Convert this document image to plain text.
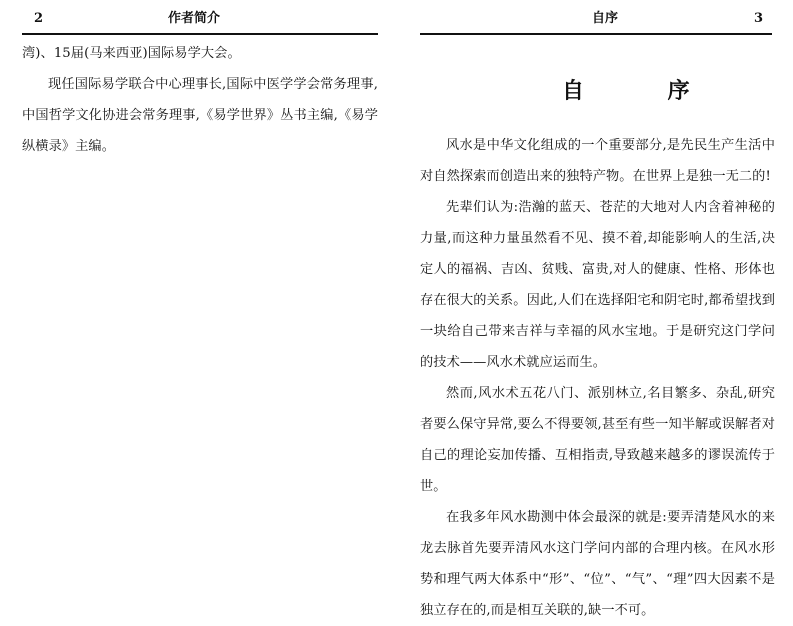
2	作者简介

湾)、15届(马来西亚)国际易学大会。

现任国际易学联合中心理事长,国际中医学学会常务理事,中国哲学文化协进会常务理事,《易学世界》丛书主编,《易学纵横录》主编。

自序	3
自 序

风水是中华文化组成的一个重要部分,是先民生产生活中对自然探索而创造出来的独特产物。在世界上是独一无二的!

先辈们认为:浩瀚的蓝天、苍茫的大地对人内含着神秘的力量,而这种力量虽然看不见、摸不着,却能影响人的生活,决定人的福祸、吉凶、贫贱、富贵,对人的健康、性格、形体也存在很大的关系。因此,人们在选择阳宅和阴宅时,都希望找到一块给自己带来吉祥与幸福的风水宝地。于是研究这门学问的技术——风水术就应运而生。

然而,风水术五花八门、派别林立,名目繁多、杂乱,研究者要么保守异常,要么不得要领,甚至有些一知半解或误解者对自己的理论妄加传播、互相指责,导致越来越多的谬误流传于世。

在我多年风水勘测中体会最深的就是:要弄清楚风水的来龙去脉首先要弄清风水这门学问内部的合理内核。在风水形势和理气两大体系中“形”、“位”、“气”、“理”四大因素不是独立存在的,而是相互关联的,缺一不可。
